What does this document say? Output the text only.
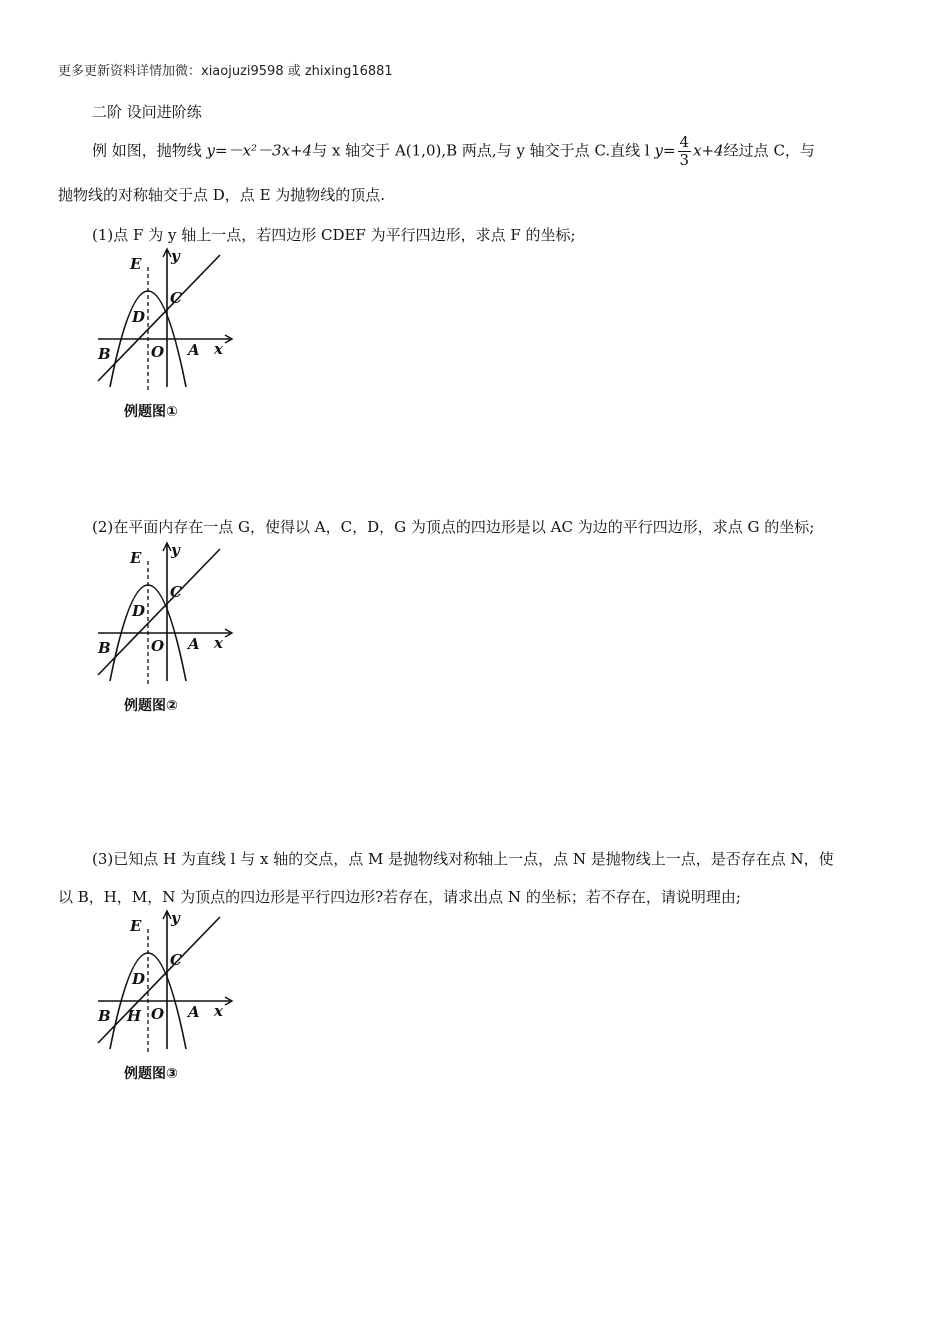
更多更新资料详情加微：xiaojuzi9598 或 zhixing16881
二阶 设问进阶练
例 如图，抛物线 y=－x²－3x+4与 x 轴交于 A(1,0),B 两点,与 y 轴交于点 C.直线 l $y= \frac{4}{3} x+4$经过点 C，与
抛物线的对称轴交于点 D，点 E 为抛物线的顶点.
(1)点 F 为 y 轴上一点，若四边形 CDEF 为平行四边形，求点 F 的坐标;
E y
C
D
B	O A x
例题图①
(2)在平面内存在一点 G，使得以 A，C，D，G 为顶点的四边形是以 AC 为边的平行四边形，求点 G 的坐标;
E y
C
D
B	O A x
例题图②
(3)已知点 H 为直线 l 与 x 轴的交点，点 M 是抛物线对称轴上一点，点 N 是抛物线上一点，是否存在点 N，使
以 B，H，M，N 为顶点的四边形是平行四边形?若存在，请求出点 N 的坐标；若不存在，请说明理由;
E y
C
D
B H O A x
例题图③
